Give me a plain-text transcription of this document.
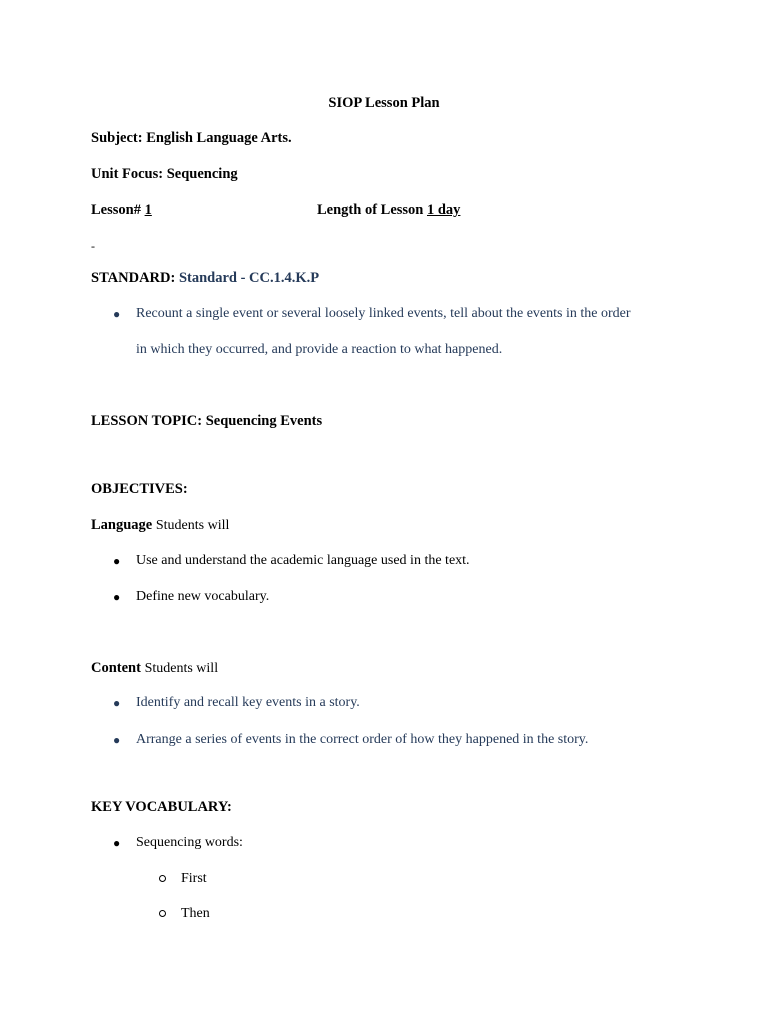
SIOP Lesson Plan
Subject: English Language Arts.
Unit Focus: Sequencing
Lesson# 1	Length of Lesson 1 day
-
STANDARD: Standard - CC.1.4.K.P
● Recount a single event or several loosely linked events, tell about the events in the order
in which they occurred, and provide a reaction to what happened.
LESSON TOPIC: Sequencing Events
OBJECTIVES:
Language Students will
● Use and understand the academic language used in the text.
● Define new vocabulary.
Content Students will
● Identify and recall key events in a story.
● Arrange a series of events in the correct order of how they happened in the story.
KEY VOCABULARY:
● Sequencing words:
First
Then
